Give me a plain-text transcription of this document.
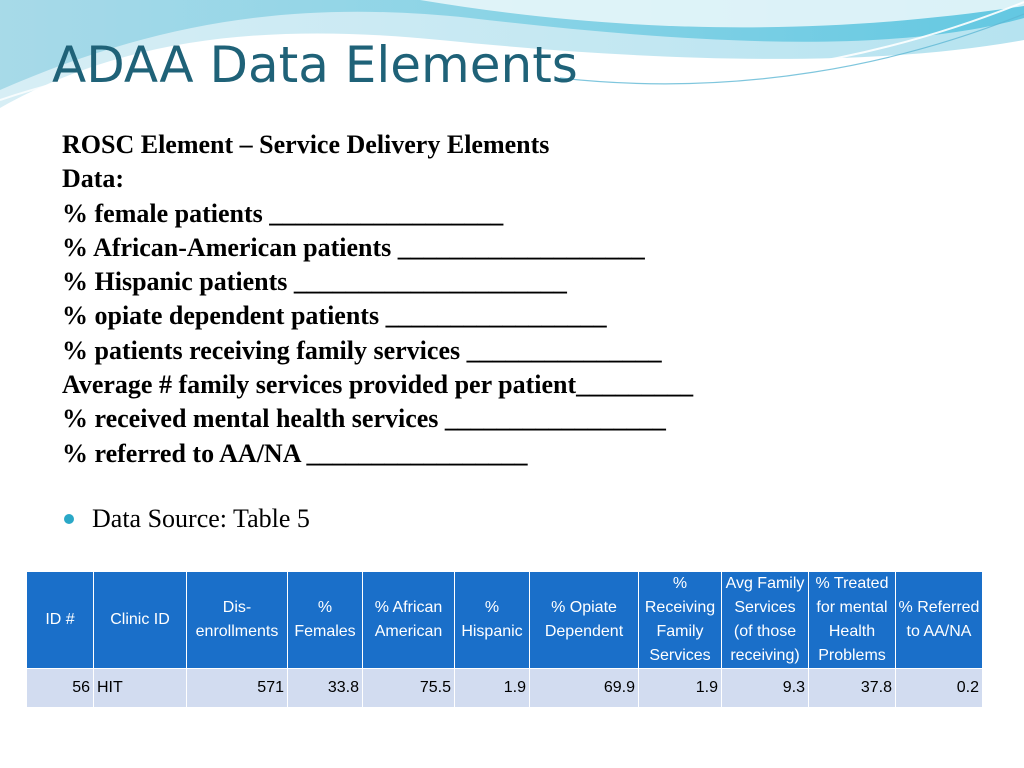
ADAA Data Elements
ROSC Element – Service Delivery Elements
Data:
% female patients __________________
% African-American patients ___________________
% Hispanic patients _____________________
% opiate dependent patients _________________
% patients receiving family services _______________
Average # family services provided per patient_________
% received mental health services _________________
% referred to AA/NA _________________
Data Source: Table 5
ID #	Clinic ID	Dis-enrollments	% Females	% African American	% Hispanic	% Opiate Dependent	% Receiving Family Services	Avg Family Services (of those receiving)	% Treated for mental Health Problems	% Referred to AA/NA
56	HIT	571	33.8	75.5	1.9	69.9	1.9	9.3	37.8	0.2
